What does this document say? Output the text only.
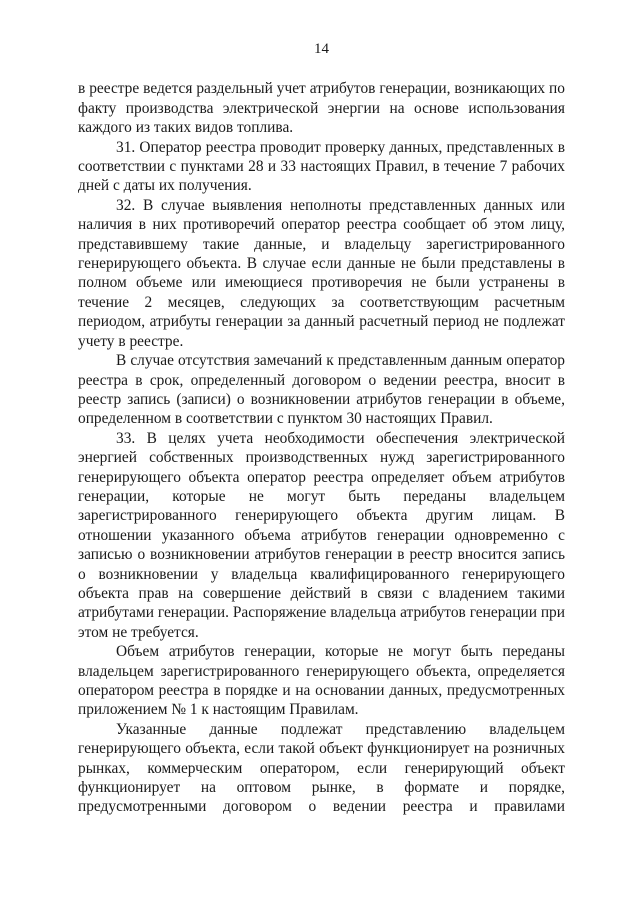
14

в реестре ведется раздельный учет атрибутов генерации, возникающих по факту производства электрической энергии на основе использования каждого из таких видов топлива.

31. Оператор реестра проводит проверку данных, представленных в соответствии с пунктами 28 и 33 настоящих Правил, в течение 7 рабочих дней с даты их получения.

32. В случае выявления неполноты представленных данных или наличия в них противоречий оператор реестра сообщает об этом лицу, представившему такие данные, и владельцу зарегистрированного генерирующего объекта. В случае если данные не были представлены в полном объеме или имеющиеся противоречия не были устранены в течение 2 месяцев, следующих за соответствующим расчетным периодом, атрибуты генерации за данный расчетный период не подлежат учету в реестре.

В случае отсутствия замечаний к представленным данным оператор реестра в срок, определенный договором о ведении реестра, вносит в реестр запись (записи) о возникновении атрибутов генерации в объеме, определенном в соответствии с пунктом 30 настоящих Правил.

33. В целях учета необходимости обеспечения электрической энергией собственных производственных нужд зарегистрированного генерирующего объекта оператор реестра определяет объем атрибутов генерации, которые не могут быть переданы владельцем зарегистрированного генерирующего объекта другим лицам. В отношении указанного объема атрибутов генерации одновременно с записью о возникновении атрибутов генерации в реестр вносится запись о возникновении у владельца квалифицированного генерирующего объекта прав на совершение действий в связи с владением такими атрибутами генерации. Распоряжение владельца атрибутов генерации при этом не требуется.

Объем атрибутов генерации, которые не могут быть переданы владельцем зарегистрированного генерирующего объекта, определяется оператором реестра в порядке и на основании данных, предусмотренных приложением № 1 к настоящим Правилам.

Указанные данные подлежат представлению владельцем генерирующего объекта, если такой объект функционирует на розничных рынках, коммерческим оператором, если генерирующий объект функционирует на оптовом рынке, в формате и порядке, предусмотренными договором о ведении реестра и правилами
